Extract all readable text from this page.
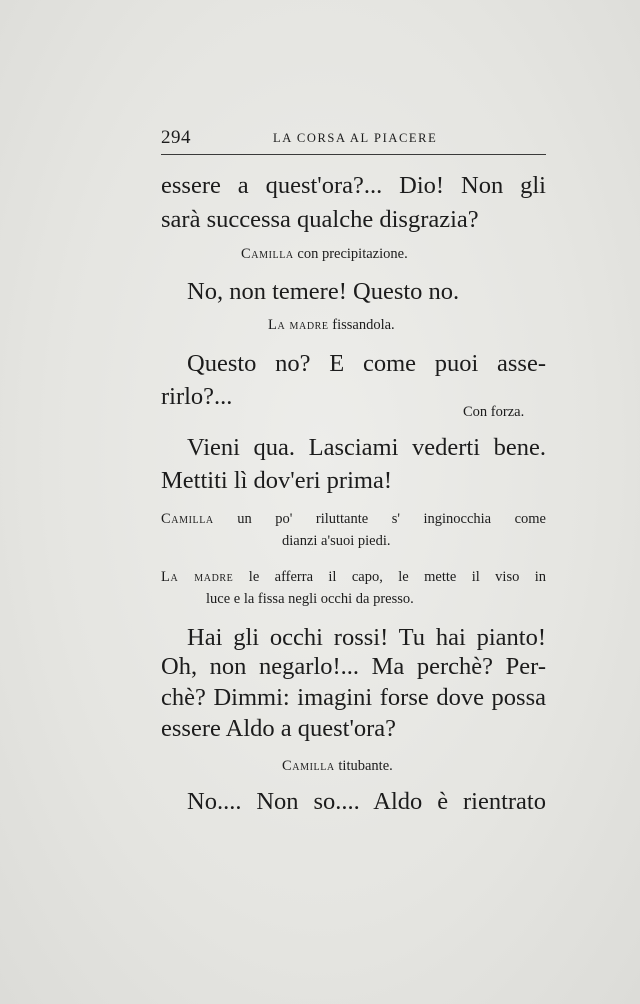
294	LA CORSA AL PIACERE
essere a quest'ora?... Dio! Non gli
sarà successa qualche disgrazia?
Camilla con precipitazione.
No, non temere! Questo no.
La madre fissandola.
Questo no? E come puoi asse-
rirlo?...
Con forza.
Vieni qua. Lasciami vederti bene.
Mettiti lì dov'eri prima!
Camilla un po' riluttante s' inginocchia come
dianzi a'suoi piedi.
La madre le afferra il capo, le mette il viso in
luce e la fissa negli occhi da presso.
Hai gli occhi rossi! Tu hai pianto!
Oh, non negarlo!... Ma perchè? Per-
chè? Dimmi: imagini forse dove possa
essere Aldo a quest'ora?
Camilla titubante.
No.... Non so.... Aldo è rientrato
